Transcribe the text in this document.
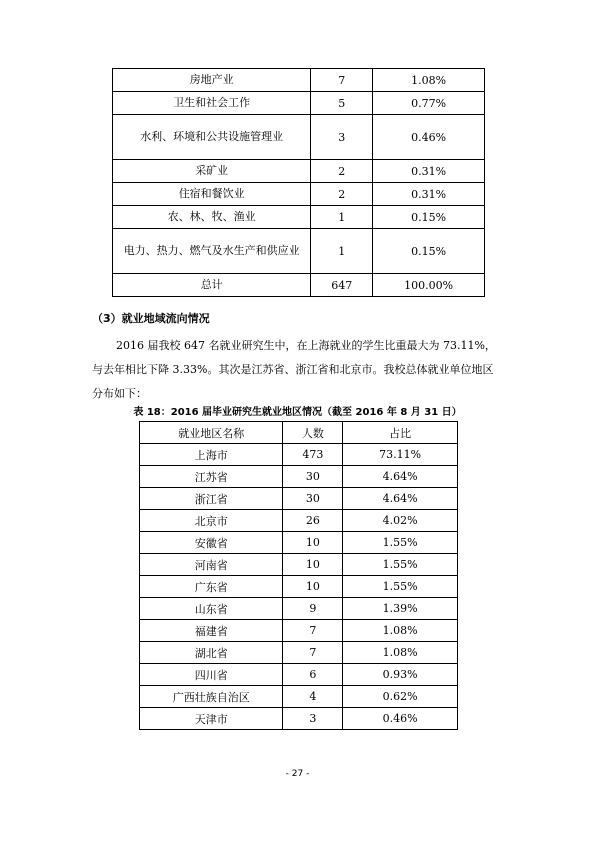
房地产业	7	1.08%
卫生和社会工作	5	0.77%
水利、环境和公共设施管理业	3	0.46%
采矿业	2	0.31%
住宿和餐饮业	2	0.31%
农、林、牧、渔业	1	0.15%
电力、热力、燃气及水生产和供应业	1	0.15%
总计	647	100.00%
（3）就业地域流向情况
2016 届我校 647 名就业研究生中，在上海就业的学生比重最大为 73.11%，与去年相比下降 3.33%。其次是江苏省、浙江省和北京市。我校总体就业单位地区分布如下：
表 18：2016 届毕业研究生就业地区情况（截至 2016 年 8 月 31 日）
就业地区名称	人数	占比
上海市	473	73.11%
江苏省	30	4.64%
浙江省	30	4.64%
北京市	26	4.02%
安徽省	10	1.55%
河南省	10	1.55%
广东省	10	1.55%
山东省	9	1.39%
福建省	7	1.08%
湖北省	7	1.08%
四川省	6	0.93%
广西壮族自治区	4	0.62%
天津市	3	0.46%
- 27 -
